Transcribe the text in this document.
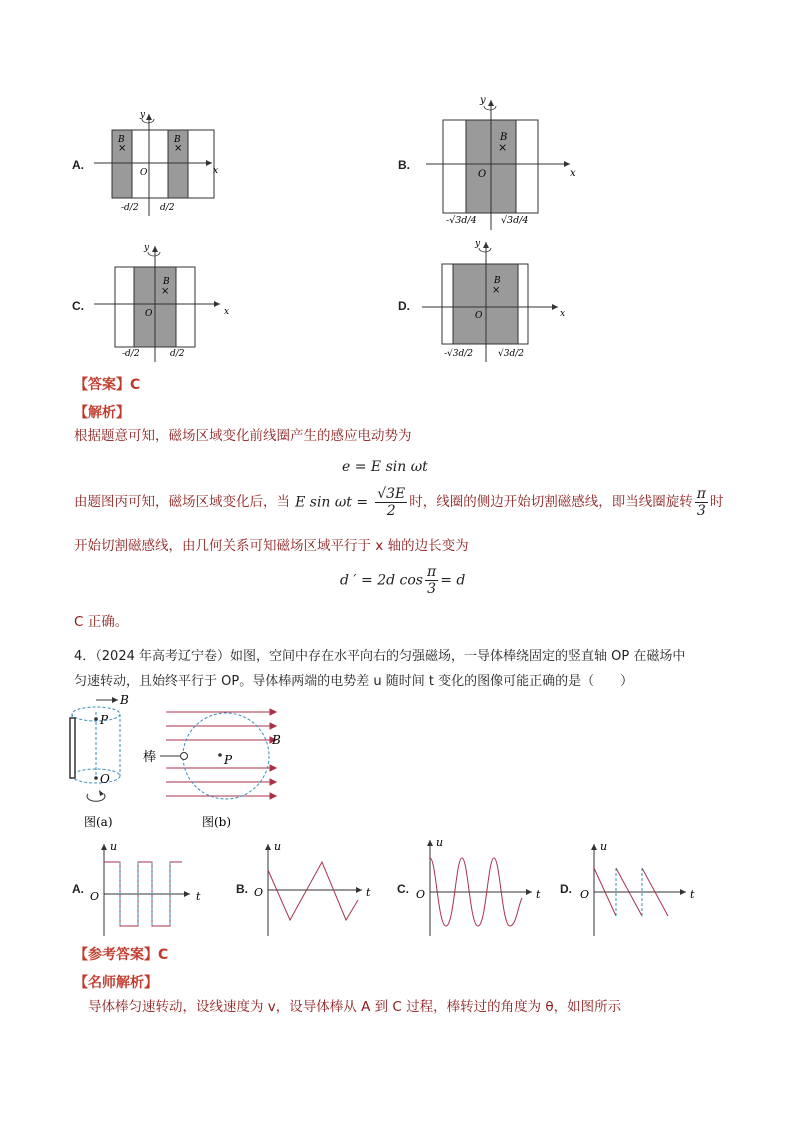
A.
y
x
O
B
×
B
×
-d/2 d/2
B.
y
x
O
B
×
-√3d/4	√3d/4
C.
y
x
O
B
×
-d/2	d/2
D.
y
x
O
B
×
-√3d/2	√3d/2
【答案】C
【解析】
根据题意可知，磁场区域变化前线圈产生的感应电动势为
e = E sin ωt
由题图丙可知，磁场区域变化后，当 E $\sin \omega t = \frac{√3E}{2}$ 时，线圈的侧边开始切割磁感线，即当线圈旋转 $\frac{\pi}{3}$ 时
开始切割磁感线，由几何关系可知磁场区域平行于 x 轴的边长变为
d ′ = 2d $\cos \frac{\pi}{3} = d$
C 正确。
4．（2024 年高考辽宁卷）如图，空间中存在水平向右的匀强磁场，一导体棒绕固定的竖直轴 OP 在磁场中
匀速转动，且始终平行于 OP。导体棒两端的电势差 u 随时间 t 变化的图像可能正确的是（　　）
B
P
O
图(a)
棒	P
B
图(b)
A.
u
t
O
B.
u
t
O	C.
u
t
O	D.
u
t
O
【参考答案】C
【名师解析】
导体棒匀速转动，设线速度为 v，设导体棒从 A 到 C 过程，棒转过的角度为 θ，如图所示
